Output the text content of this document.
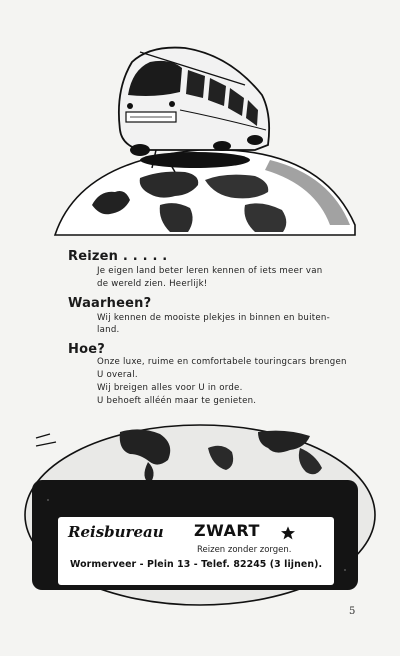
Reizen . . . . .
Je eigen land beter leren kennen of iets meer van
de wereld zien. Heerlijk!
Waarheen?
Wij kennen de mooiste plekjes in binnen en buiten-
land.
Hoe?
Onze luxe, ruime en comfortabele touringcars brengen
U overal.
Wij breigen alles voor U in orde.
U behoeft alléén maar te genieten.
Reisbureau ZWART
Reizen zonder zorgen.
Wormerveer - Plein 13 - Telef. 82245 (3 lijnen).
5
